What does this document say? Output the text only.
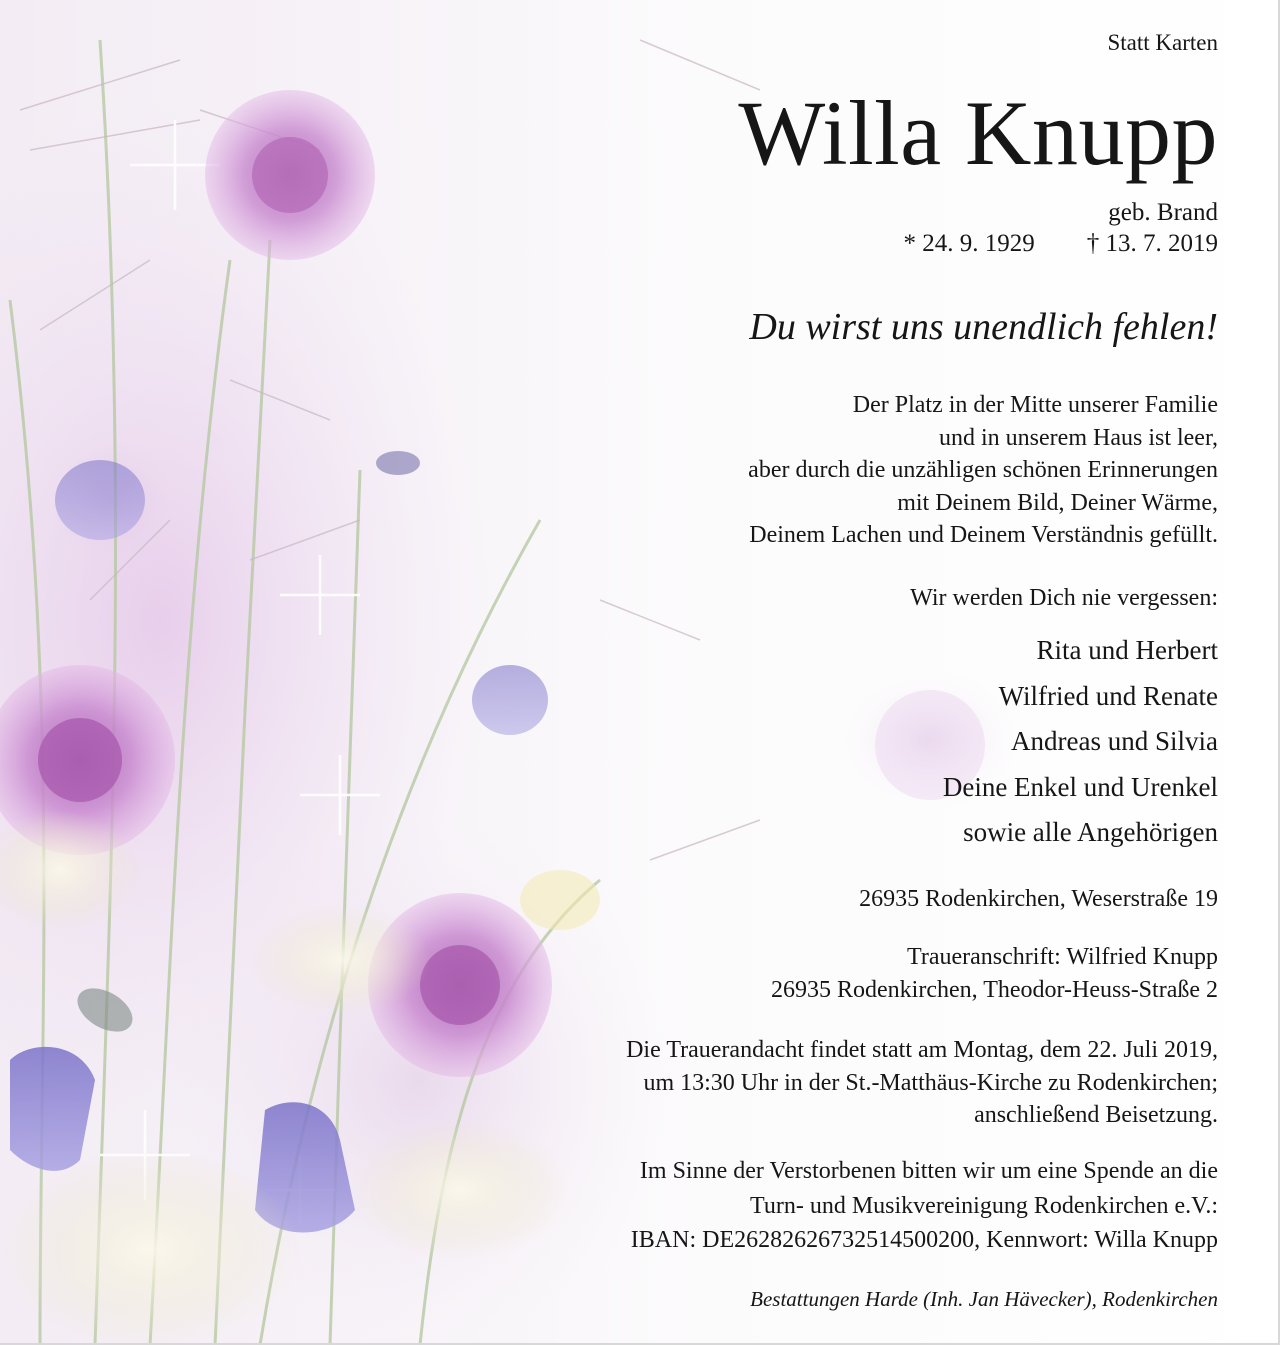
Statt Karten
Willa Knupp
geb. Brand
* 24. 9. 1929 † 13. 7. 2019
Du wirst uns unendlich fehlen!
Der Platz in der Mitte unserer Familie
und in unserem Haus ist leer,
aber durch die unzähligen schönen Erinnerungen
mit Deinem Bild, Deiner Wärme,
Deinem Lachen und Deinem Verständnis gefüllt.
Wir werden Dich nie vergessen:
Rita und Herbert
Wilfried und Renate
Andreas und Silvia
Deine Enkel und Urenkel
sowie alle Angehörigen
26935 Rodenkirchen, Weserstraße 19
Traueranschrift: Wilfried Knupp
26935 Rodenkirchen, Theodor-Heuss-Straße 2
Die Trauerandacht findet statt am Montag, dem 22. Juli 2019,
um 13:30 Uhr in der St.-Matthäus-Kirche zu Rodenkirchen;
anschließend Beisetzung.
Im Sinne der Verstorbenen bitten wir um eine Spende an die
Turn- und Musikvereinigung Rodenkirchen e.V.:
IBAN: DE26282626732514500200, Kennwort: Willa Knupp
Bestattungen Harde (Inh. Jan Hävecker), Rodenkirchen
